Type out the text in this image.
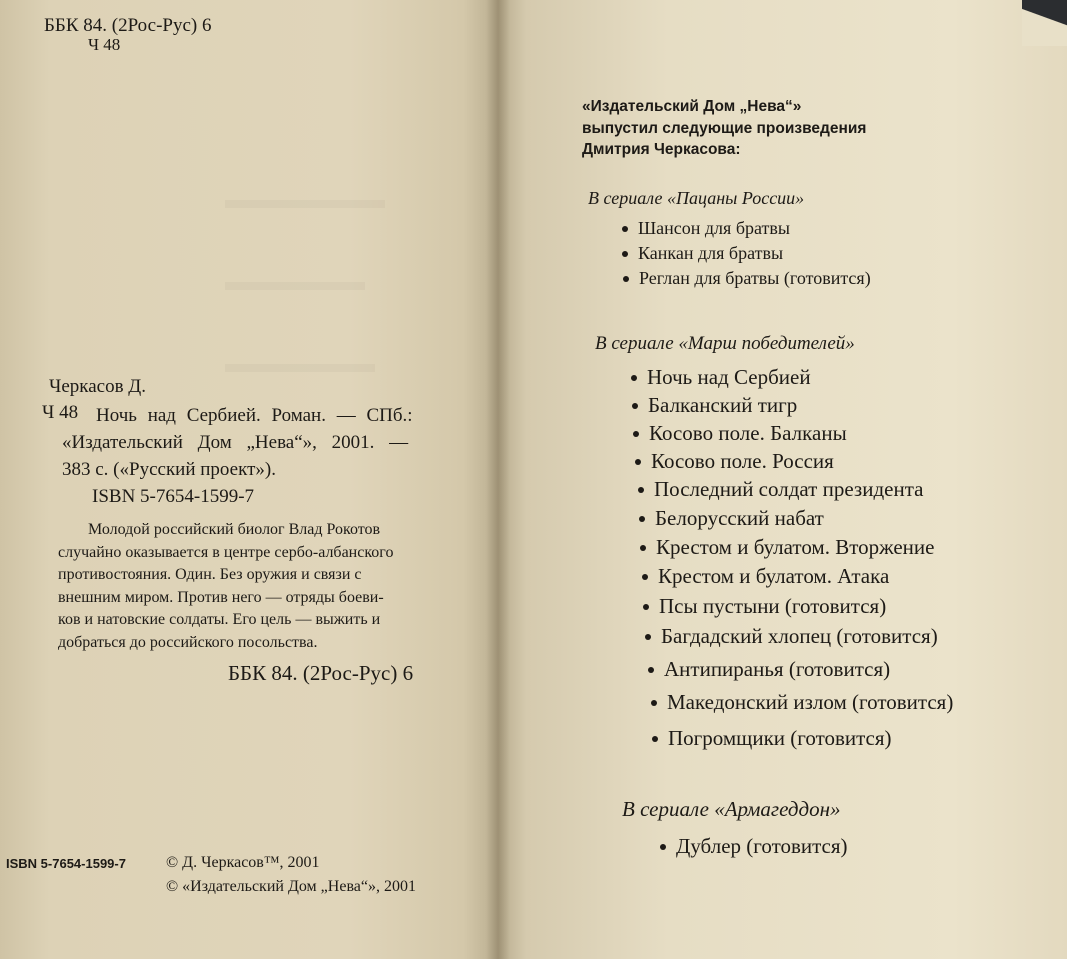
ББК 84. (2Рос-Рус) 6

Ч 48

Черкасов Д.

Ч 48 Ночь над Сербией. Роман. — СПб.:
«Издательский Дом „Нева“», 2001. —
383 с. («Русский проект»).
ISBN 5-7654-1599-7
Молодой российский биолог Влад Рокотов
случайно оказывается в центре сербо-албанского
противостояния. Один. Без оружия и связи с
внешним миром. Против него — отряды боеви-
ков и натовские солдаты. Его цель — выжить и
добраться до российского посольства.

ББК 84. (2Рос-Рус) 6

ISBN 5-7654-1599-7	© Д. Черкасов™, 2001

© «Издательский Дом „Нева“», 2001

«Издательский Дом „Нева“»
выпустил следующие произведения
Дмитрия Черкасова:

В сериале «Пацаны России»

Шансон для братвы

Канкан для братвы

Реглан для братвы (готовится)

В сериале «Марш победителей»

Ночь над Сербией

Балканский тигр

Косово поле. Балканы

Косово поле. Россия

Последний солдат президента

Белорусский набат

Крестом и булатом. Вторжение

Крестом и булатом. Атака

Псы пустыни (готовится)

Багдадский хлопец (готовится)

Антипиранья (готовится)

Македонский излом (готовится)

Погромщики (готовится)

В сериале «Армагеддон»

Дублер (готовится)
